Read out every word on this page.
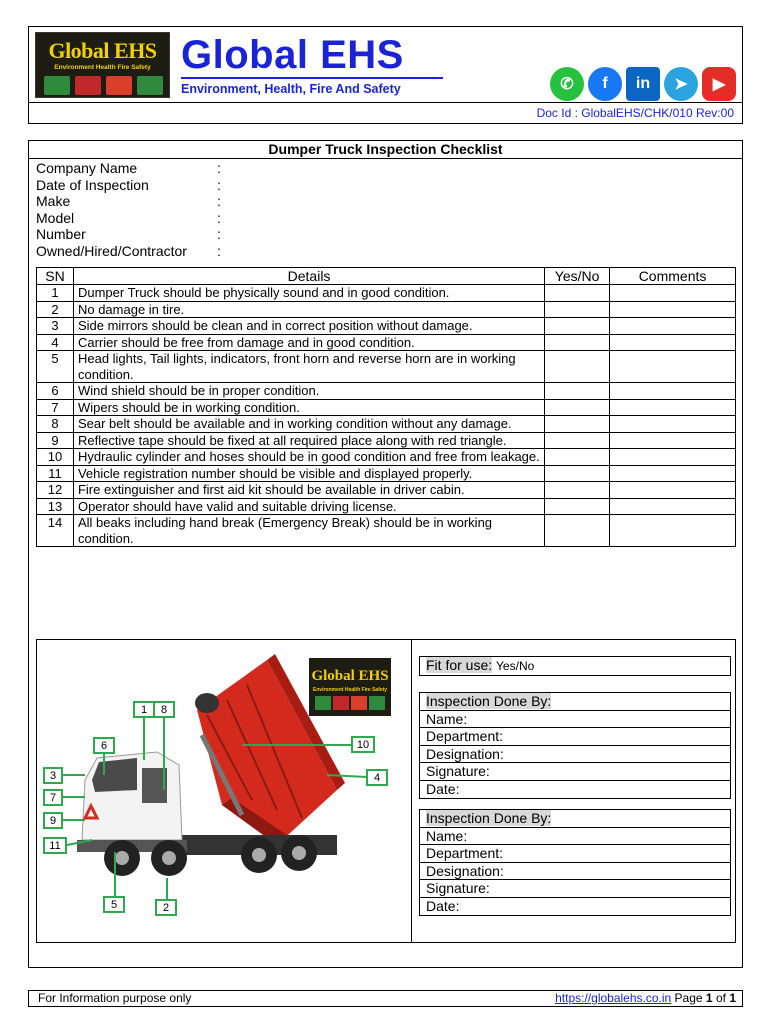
Global EHS
Environment Health Fire Safety Global EHS
Environment, Health, Fire And Safety	✆	f	in	➤	▶
Doc Id : GlobalEHS/CHK/010 Rev:00
Dumper Truck Inspection Checklist
Company Name	:
Date of Inspection	:
Make	:
Model	:
Number	:
Owned/Hired/Contractor	:
SN	Details	Yes/No	Comments
1	Dumper Truck should be physically sound and in good condition.		
2	No damage in tire.		
3	Side mirrors should be clean and in correct position without damage.		
4	Carrier should be free from damage and in good condition.		
5	Head lights, Tail lights, indicators, front horn and reverse horn are in working condition.		
6	Wind shield should be in proper condition.		
7	Wipers should be in working condition.		
8	Sear belt should be available and in working condition without any damage.		
9	Reflective tape should be fixed at all required place along with red triangle.		
10	Hydraulic cylinder and hoses should be in good condition and free from leakage.		
11	Vehicle registration number should be visible and displayed properly.		
12	Fire extinguisher and first aid kit should be available in driver cabin.		
13	Operator should have valid and suitable driving license.		
14	All beaks including hand break (Emergency Break) should be in working condition.		
Global EHS
Environment Health Fire Safety
1 8
6	10
3	4
7
9
11
5	2
Fit for use: Yes/No
Inspection Done By:
Name:
Department:
Designation:
Signature:
Date:
Inspection Done By:
Name:
Department:
Designation:
Signature:
Date:
For Information purpose only	https://globalehs.co.in Page 1 of 1
